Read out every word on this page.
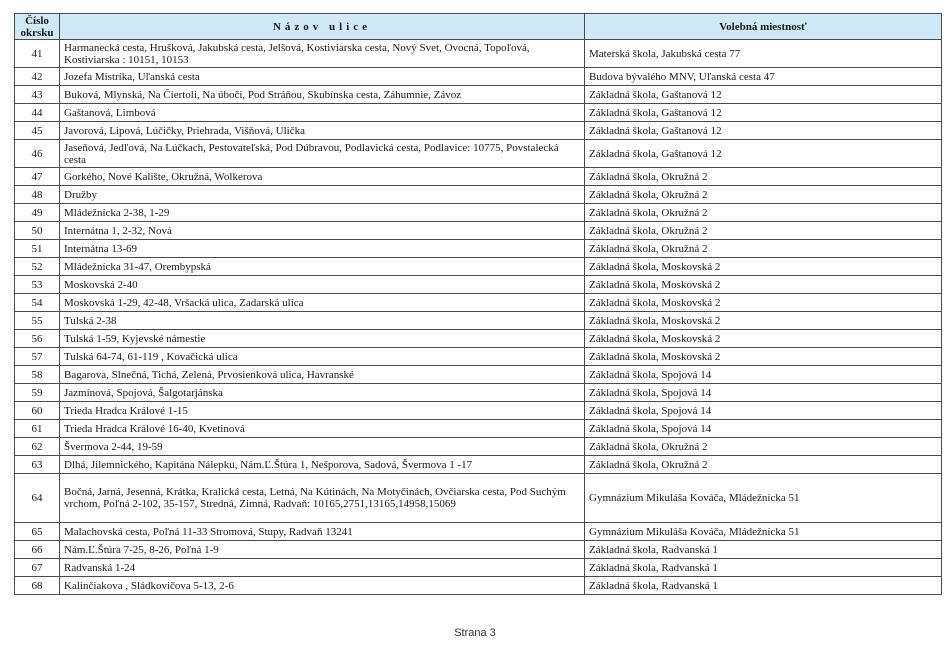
Číslo
okrsku	Názov ulice	Volebná miestnosť
41	Harmanecká cesta, Hrušková, Jakubská cesta, Jelšová, Kostiviarska cesta, Nový Svet, Ovocná, Topoľová, Kostiviarska : 10151, 10153	Materská škola, Jakubská cesta 77
42	Jozefa Mistríka, Uľanská cesta	Budova bývalého MNV, Uľanská cesta 47
43	Buková, Mlynská, Na Čiertoli, Na úbočí, Pod Stráňou, Skubínska cesta, Záhumnie, Závoz	Základná škola, Gaštanová 12
44	Gaštanová, Limbová	Základná škola, Gaštanová 12
45	Javorová, Lipová, Lúčičky, Priehrada, Višňová, Ulička	Základná škola, Gaštanová 12
46	Jaseňová, Jedľová, Na Lúčkach, Pestovateľská, Pod Dúbravou, Podlavická cesta, Podlavice: 10775, Povstalecká cesta	Základná škola, Gaštanová 12
47	Gorkého, Nové Kalište, Okružná, Wolkerova	Základná škola, Okružná 2
48	Družby	Základná škola, Okružná 2
49	Mládežnícka 2-38, 1-29	Základná škola, Okružná 2
50	Internátna 1, 2-32, Nová	Základná škola, Okružná 2
51	Internátna 13-69	Základná škola, Okružná 2
52	Mládežnícka 31-47, Orembурská	Základná škola, Moskovská 2
53	Moskovská 2-40	Základná škola, Moskovská 2
54	Moskovská 1-29, 42-48, Vršacká ulica, Zadarská ulica	Základná škola, Moskovská 2
55	Tulská 2-38	Základná škola, Moskovská 2
56	Tulská 1-59, Kyjevské námestie	Základná škola, Moskovská 2
57	Tulská 64-74, 61-119 , Kovačická ulica	Základná škola, Moskovská 2
58	Bagarova, Slnečná, Tichá, Zelená, Prvosienková ulica, Havranské	Základná škola, Spojová 14
59	Jazmínová, Spojová, Šalgotarjánska	Základná škola, Spojová 14
60	Trieda Hradca Králové 1-15	Základná škola, Spojová 14
61	Trieda Hradca Králové 16-40, Kvetinová	Základná škola, Spojová 14
62	Švermova 2-44, 19-59	Základná škola, Okružná 2
63	Dlhá, Jilemnického, Kapitána Nálepku, Nám.Ľ.Štúra 1, Nešporova, Sadová, Švermova 1 -17	Základná škola, Okružná 2
64	Bočná, Jarná, Jesenná, Krátka, Kralická cesta, Letná, Na Kútinách, Na Motyčinách, Ovčiarska cesta, Pod Suchým vrchom, Poľná 2-102, 35-157, Stredná, Zimná, Radvaň: 10165,2751,13165,14958,15069	Gymnázium Mikuláša Kováča, Mládežnícka 51
65	Malachovská cesta, Poľná 11-33 Stromová, Stupy, Radvaň 13241	Gymnázium Mikuláša Kováča, Mládežnícka 51
66	Nám.Ľ.Štúra 7-25, 8-26, Poľná 1-9	Základná škola, Radvanská 1
67	Radvanská 1-24	Základná škola, Radvanská 1
68	Kalinčiakova , Sládkovičova 5-13, 2-6	Základná škola, Radvanská 1
Strana 3
